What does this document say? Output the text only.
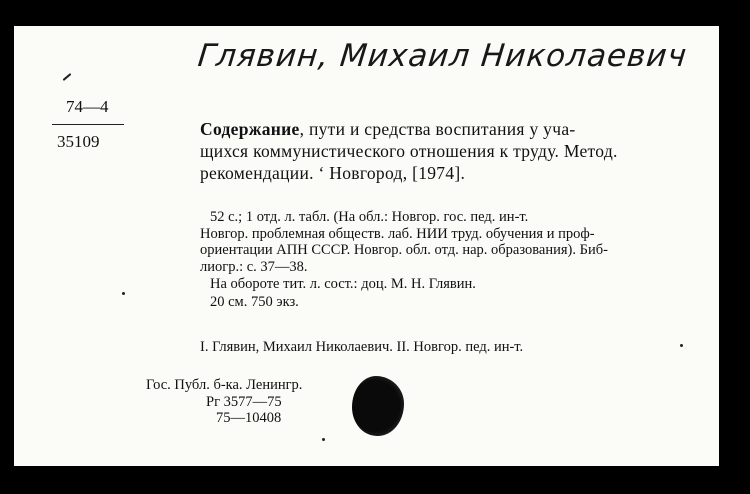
Глявин, Михаил Николаевич
74—4
35109
Содержание, пути и средства воспитания у уча-
щихся коммунистического отношения к труду. Метод.
рекомендации. ‘ Новгород, [1974].
52 с.; 1 отд. л. табл. (На обл.: Новгор. гос. пед. ин-т.
Новгор. проблемная обществ. лаб. НИИ труд. обучения и проф-
ориентации АПН СССР. Новгор. обл. отд. нар. образования). Биб-
лиогр.: с. 37—38.
На обороте тит. л. сост.: доц. М. Н. Глявин.
20 см. 750 экз.
I. Глявин, Михаил Николаевич. II. Новгор. пед. ин-т.
Гос. Публ. б-ка. Ленингр.
Рг 3577—75
75—10408
